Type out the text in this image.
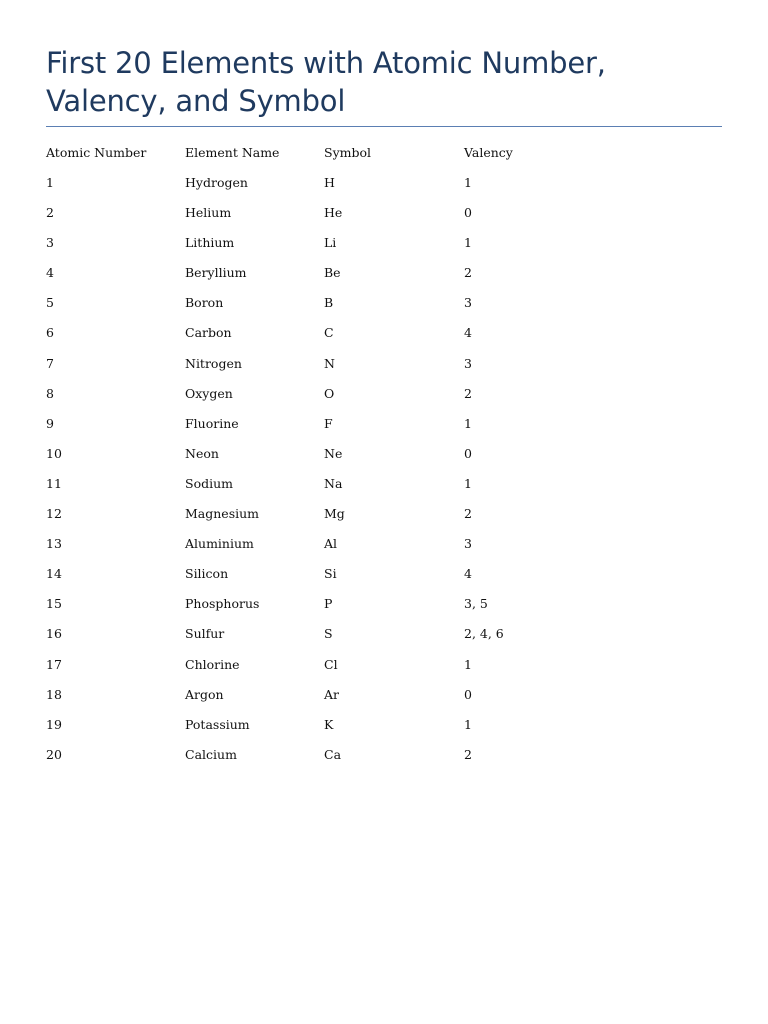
First 20 Elements with Atomic Number, Valency, and Symbol
Atomic Number	Element Name	Symbol	Valency
1	Hydrogen	H	1
2	Helium	He	0
3	Lithium	Li	1
4	Beryllium	Be	2
5	Boron	B	3
6	Carbon	C	4
7	Nitrogen	N	3
8	Oxygen	O	2
9	Fluorine	F	1
10	Neon	Ne	0
11	Sodium	Na	1
12	Magnesium	Mg	2
13	Aluminium	Al	3
14	Silicon	Si	4
15	Phosphorus	P	3, 5
16	Sulfur	S	2, 4, 6
17	Chlorine	Cl	1
18	Argon	Ar	0
19	Potassium	K	1
20	Calcium	Ca	2
